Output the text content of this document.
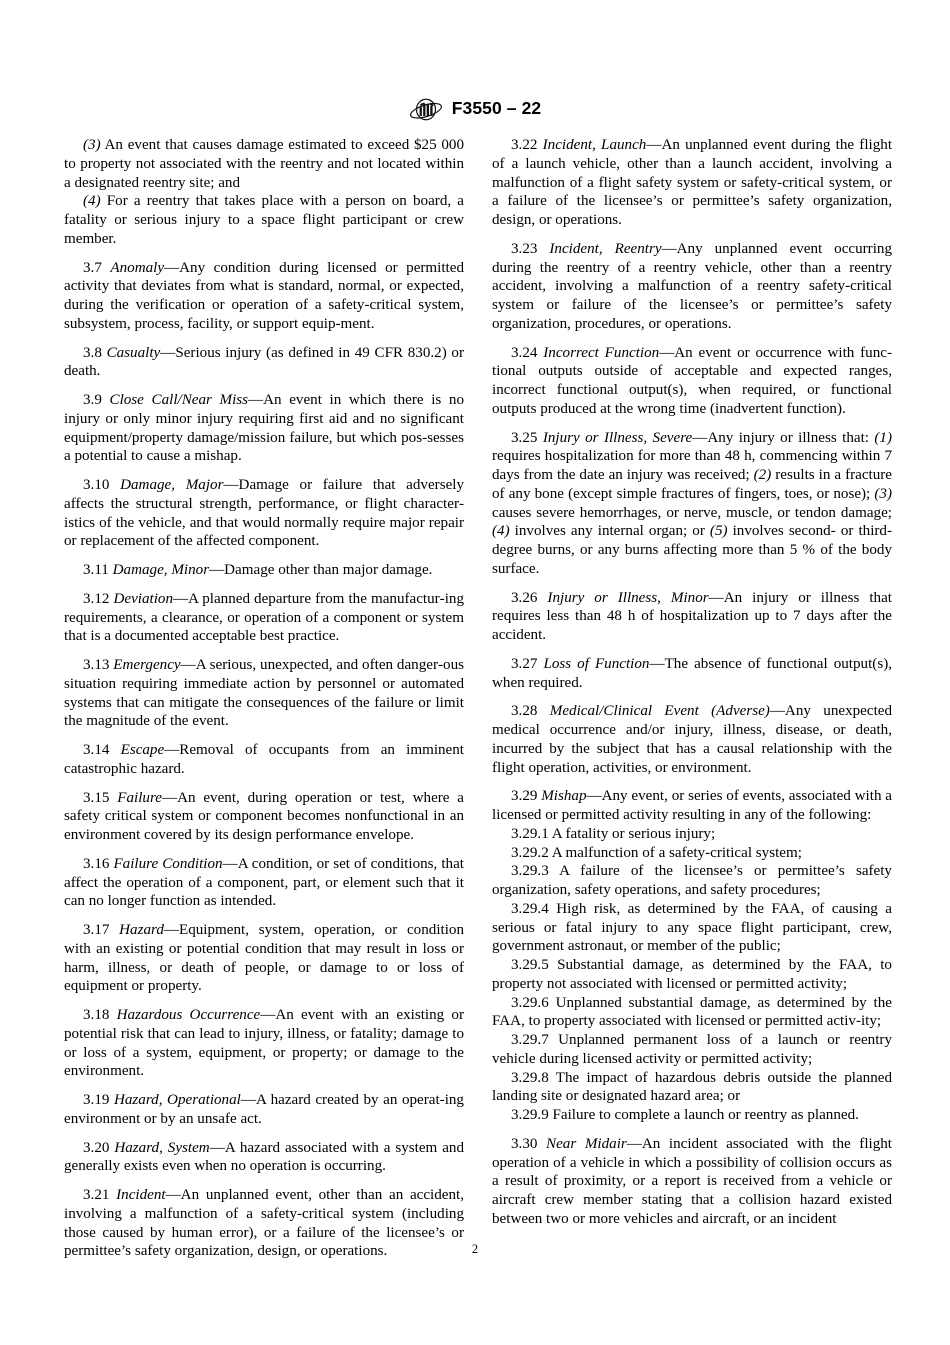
F3550 – 22

(3) An event that causes damage estimated to exceed $25 000 to property not associated with the reentry and not located within a designated reentry site; and

(4) For a reentry that takes place with a person on board, a fatality or serious injury to a space flight participant or crew member.

3.7 Anomaly—Any condition during licensed or permitted activity that deviates from what is standard, normal, or expected, during the verification or operation of a safety-critical system, subsystem, process, facility, or support equip‐ment.

3.8 Casualty—Serious injury (as defined in 49 CFR 830.2) or death.

3.9 Close Call/Near Miss—An event in which there is no injury or only minor injury requiring first aid and no significant equipment/property damage/mission failure, but which pos‐sesses a potential to cause a mishap.

3.10 Damage, Major—Damage or failure that adversely affects the structural strength, performance, or flight character‐istics of the vehicle, and that would normally require major repair or replacement of the affected component.

3.11 Damage, Minor—Damage other than major damage.

3.12 Deviation—A planned departure from the manufactur‐ing requirements, a clearance, or operation of a component or system that is a documented acceptable best practice.

3.13 Emergency—A serious, unexpected, and often danger‐ous situation requiring immediate action by personnel or automated systems that can mitigate the consequences of the failure or limit the magnitude of the event.

3.14 Escape—Removal of occupants from an imminent catastrophic hazard.

3.15 Failure—An event, during operation or test, where a safety critical system or component becomes nonfunctional in an environment covered by its design performance envelope.

3.16 Failure Condition—A condition, or set of conditions, that affect the operation of a component, part, or element such that it can no longer function as intended.

3.17 Hazard—Equipment, system, operation, or condition with an existing or potential condition that may result in loss or harm, illness, or death of people, or damage to or loss of equipment or property.

3.18 Hazardous Occurrence—An event with an existing or potential risk that can lead to injury, illness, or fatality; damage to or loss of a system, equipment, or property; or damage to the environment.

3.19 Hazard, Operational—A hazard created by an operat‐ing environment or by an unsafe act.

3.20 Hazard, System—A hazard associated with a system and generally exists even when no operation is occurring.

3.21 Incident—An unplanned event, other than an accident, involving a malfunction of a safety-critical system (including those caused by human error), or a failure of the licensee’s or permittee’s safety organization, design, or operations.

3.22 Incident, Launch—An unplanned event during the flight of a launch vehicle, other than a launch accident, involving a malfunction of a flight safety system or safety-critical system, or a failure of the licensee’s or permittee’s safety organization, design, or operations.

3.23 Incident, Reentry—Any unplanned event occurring during the reentry of a reentry vehicle, other than a reentry accident, involving a malfunction of a reentry safety-critical system or failure of the licensee’s or permittee’s safety organization, procedures, or operations.

3.24 Incorrect Function—An event or occurrence with func‐tional outputs outside of acceptable and expected ranges, incorrect functional output(s), when required, or functional outputs produced at the wrong time (inadvertent function).

3.25 Injury or Illness, Severe—Any injury or illness that: (1) requires hospitalization for more than 48 h, commencing within 7 days from the date an injury was received; (2) results in a fracture of any bone (except simple fractures of fingers, toes, or nose); (3) causes severe hemorrhages, or nerve, muscle, or tendon damage; (4) involves any internal organ; or (5) involves second- or third-degree burns, or any burns affecting more than 5 % of the body surface.

3.26 Injury or Illness, Minor—An injury or illness that requires less than 48 h of hospitalization up to 7 days after the accident.

3.27 Loss of Function—The absence of functional output(s), when required.

3.28 Medical/Clinical Event (Adverse)—Any unexpected medical occurrence and/or injury, illness, disease, or death, incurred by the subject that has a causal relationship with the flight operation, activities, or environment.

3.29 Mishap—Any event, or series of events, associated with a licensed or permitted activity resulting in any of the following:

3.29.1 A fatality or serious injury;

3.29.2 A malfunction of a safety-critical system;

3.29.3 A failure of the licensee’s or permittee’s safety organization, safety operations, and safety procedures;

3.29.4 High risk, as determined by the FAA, of causing a serious or fatal injury to any space flight participant, crew, government astronaut, or member of the public;

3.29.5 Substantial damage, as determined by the FAA, to property not associated with licensed or permitted activity;

3.29.6 Unplanned substantial damage, as determined by the FAA, to property associated with licensed or permitted activ‐ity;

3.29.7 Unplanned permanent loss of a launch or reentry vehicle during licensed activity or permitted activity;

3.29.8 The impact of hazardous debris outside the planned landing site or designated hazard area; or

3.29.9 Failure to complete a launch or reentry as planned.

3.30 Near Midair—An incident associated with the flight operation of a vehicle in which a possibility of collision occurs as a result of proximity, or a report is received from a vehicle or aircraft crew member stating that a collision hazard existed between two or more vehicles and aircraft, or an incident

2
